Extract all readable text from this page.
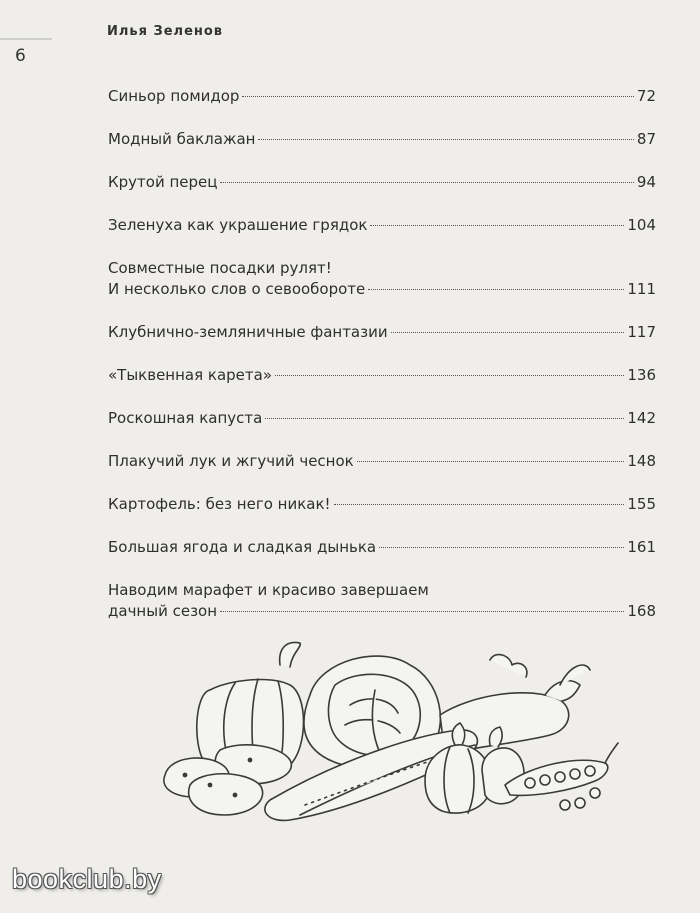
6
Илья Зеленов
Синьор помидор	72
Модный баклажан	87
Крутой перец	94
Зеленуха как украшение грядок	104
Совместные посадки рулят!
И несколько слов о севообороте	111
Клубнично-земляничные фантазии	117
«Тыквенная карета»	136
Роскошная капуста	142
Плакучий лук и жгучий чеснок	148
Картофель: без него никак!	155
Большая ягода и сладкая дынька	161
Наводим марафет и красиво завершаем
дачный сезон	168
bookclub.by
